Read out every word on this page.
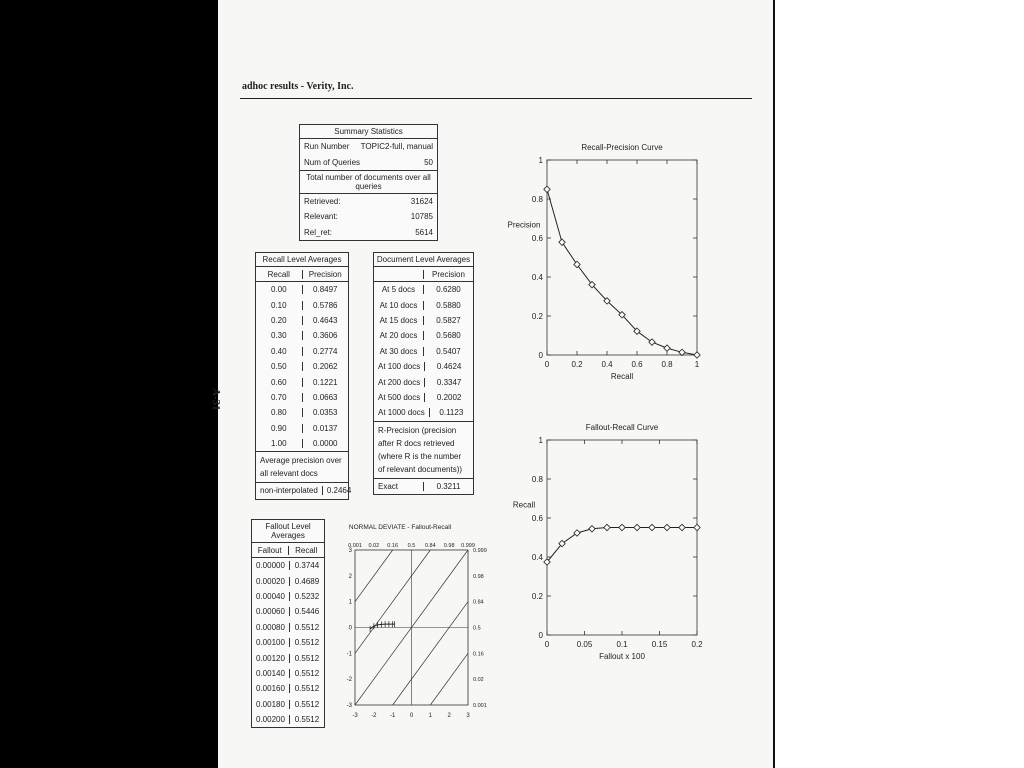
adhoc results - Verity, Inc.
A-31
Summary Statistics
Run Number	TOPIC2-full, manual
Num of Queries	50
Total number of documents over all queries
Retrieved:	31624
Relevant:	10785
Rel_ret:	5614
Recall Level Averages
Recall	Precision
0.00	0.8497
0.10	0.5786
0.20	0.4643
0.30	0.3606
0.40	0.2774
0.50	0.2062
0.60	0.1221
0.70	0.0663
0.80	0.0353
0.90	0.0137
1.00	0.0000
Average precision over all relevant docs
non-interpolated	0.2464
Document Level Averages
Precision
At 5 docs	0.6280
At 10 docs	0.5880
At 15 docs	0.5827
At 20 docs	0.5680
At 30 docs	0.5407
At 100 docs	0.4624
At 200 docs	0.3347
At 500 docs	0.2002
At 1000 docs	0.1123
R-Precision (precision after R docs retrieved (where R is the number of relevant documents))
Exact	0.3211
Fallout Level Averages
Fallout	Recall
0.00000	0.3744
0.00020	0.4689
0.00040	0.5232
0.00060	0.5446
0.00080	0.5512
0.00100	0.5512
0.00120	0.5512
0.00140	0.5512
0.00160	0.5512
0.00180	0.5512
0.00200	0.5512
Recall-Precision Curve
0	0.2 0.4 0.6 0.8	1
0
0.2
0.4
0.6
0.8
1
Recall
Precision
Fallout-Recall Curve
0	0.05	0.1	0.15	0.2
0
0.2
0.4
0.6
0.8
1
Fallout x 100
Recall
NORMAL DEVIATE - Fallout-Recall
-3
0.001
-2
0.02
-1
0.16
0
0.5
1
0.84
2
0.98
3
0.999
3	0.999
2	0.98
1	0.84
0	0.5
-1	0.16
-2	0.02
-3	0.001
